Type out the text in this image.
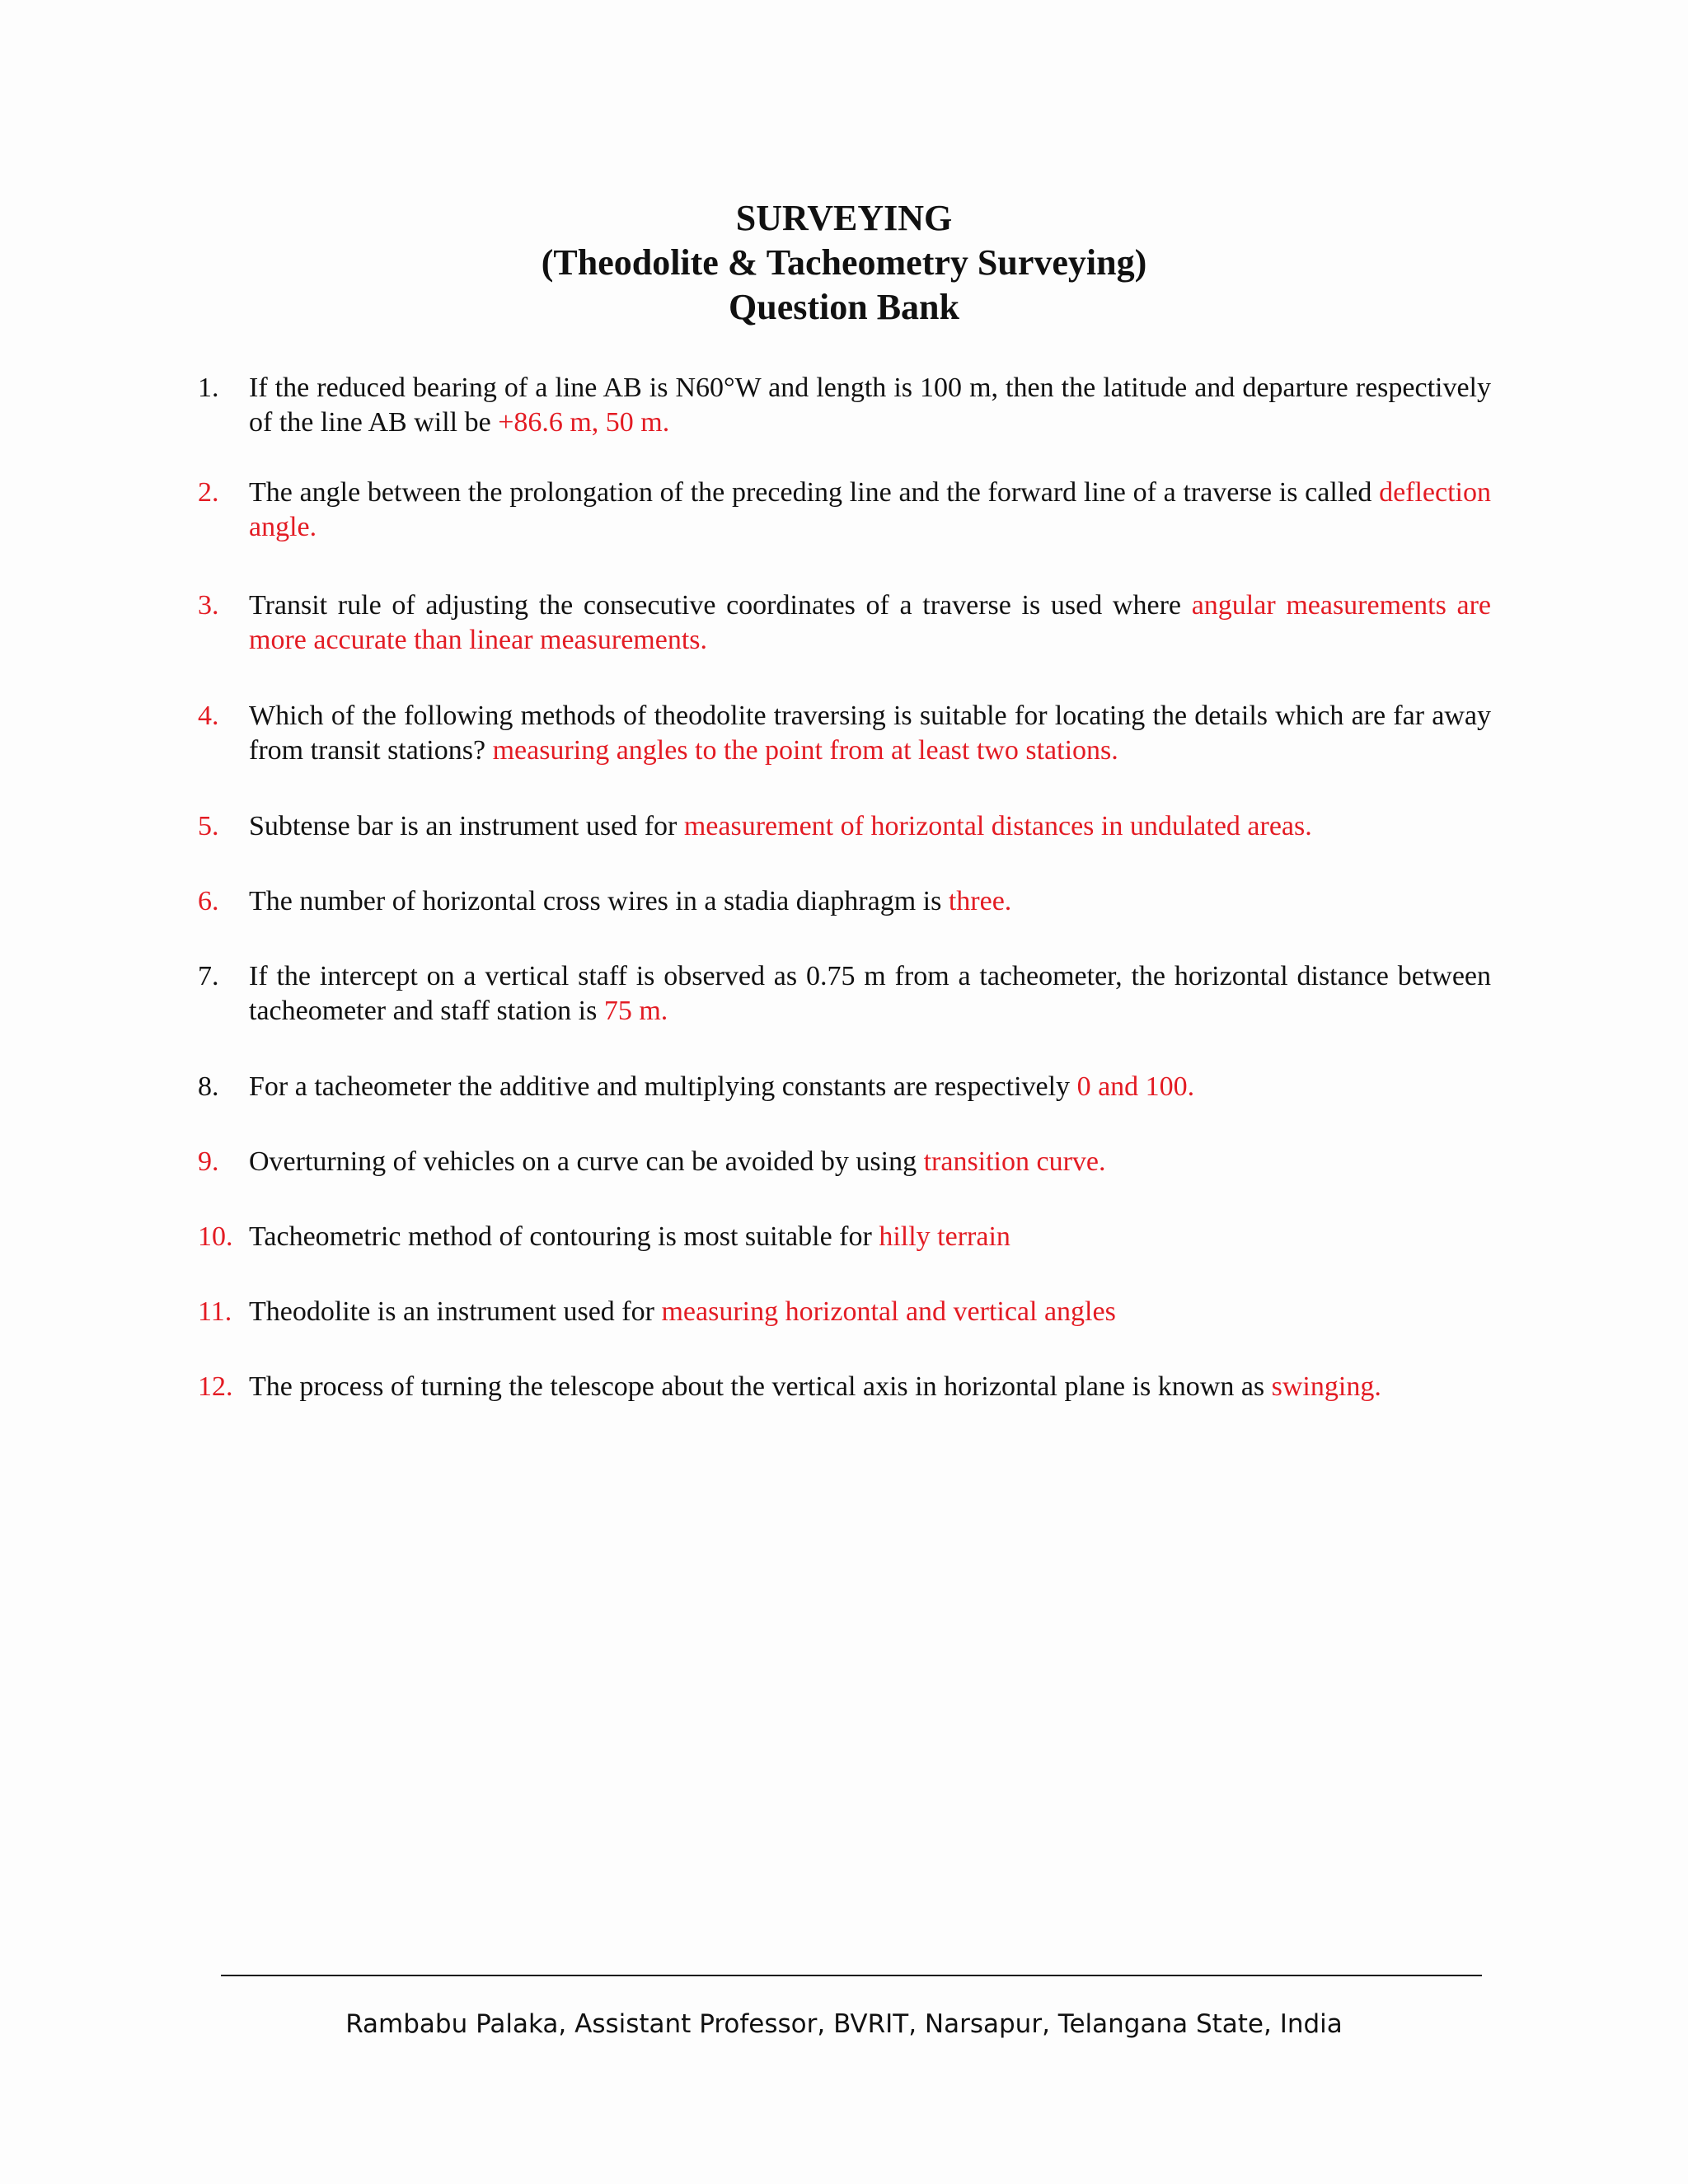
SURVEYING
(Theodolite & Tacheometry Surveying)
Question Bank
1. If the reduced bearing of a line AB is N60°W and length is 100 m, then the latitude and departure respectively of the line AB will be +86.6 m, 50 m.
2. The angle between the prolongation of the preceding line and the forward line of a traverse is called deflection angle.
3. Transit rule of adjusting the consecutive coordinates of a traverse is used where angular measurements are more accurate than linear measurements.
4. Which of the following methods of theodolite traversing is suitable for locating the details which are far away from transit stations? measuring angles to the point from at least two stations.
5. Subtense bar is an instrument used for measurement of horizontal distances in undulated areas.
6. The number of horizontal cross wires in a stadia diaphragm is three.
7. If the intercept on a vertical staff is observed as 0.75 m from a tacheometer, the horizontal distance between tacheometer and staff station is 75 m.
8. For a tacheometer the additive and multiplying constants are respectively 0 and 100.
9. Overturning of vehicles on a curve can be avoided by using transition curve.
10. Tacheometric method of contouring is most suitable for hilly terrain
11. Theodolite is an instrument used for measuring horizontal and vertical angles
12. The process of turning the telescope about the vertical axis in horizontal plane is known as swinging.
Rambabu Palaka, Assistant Professor, BVRIT, Narsapur, Telangana State, India
